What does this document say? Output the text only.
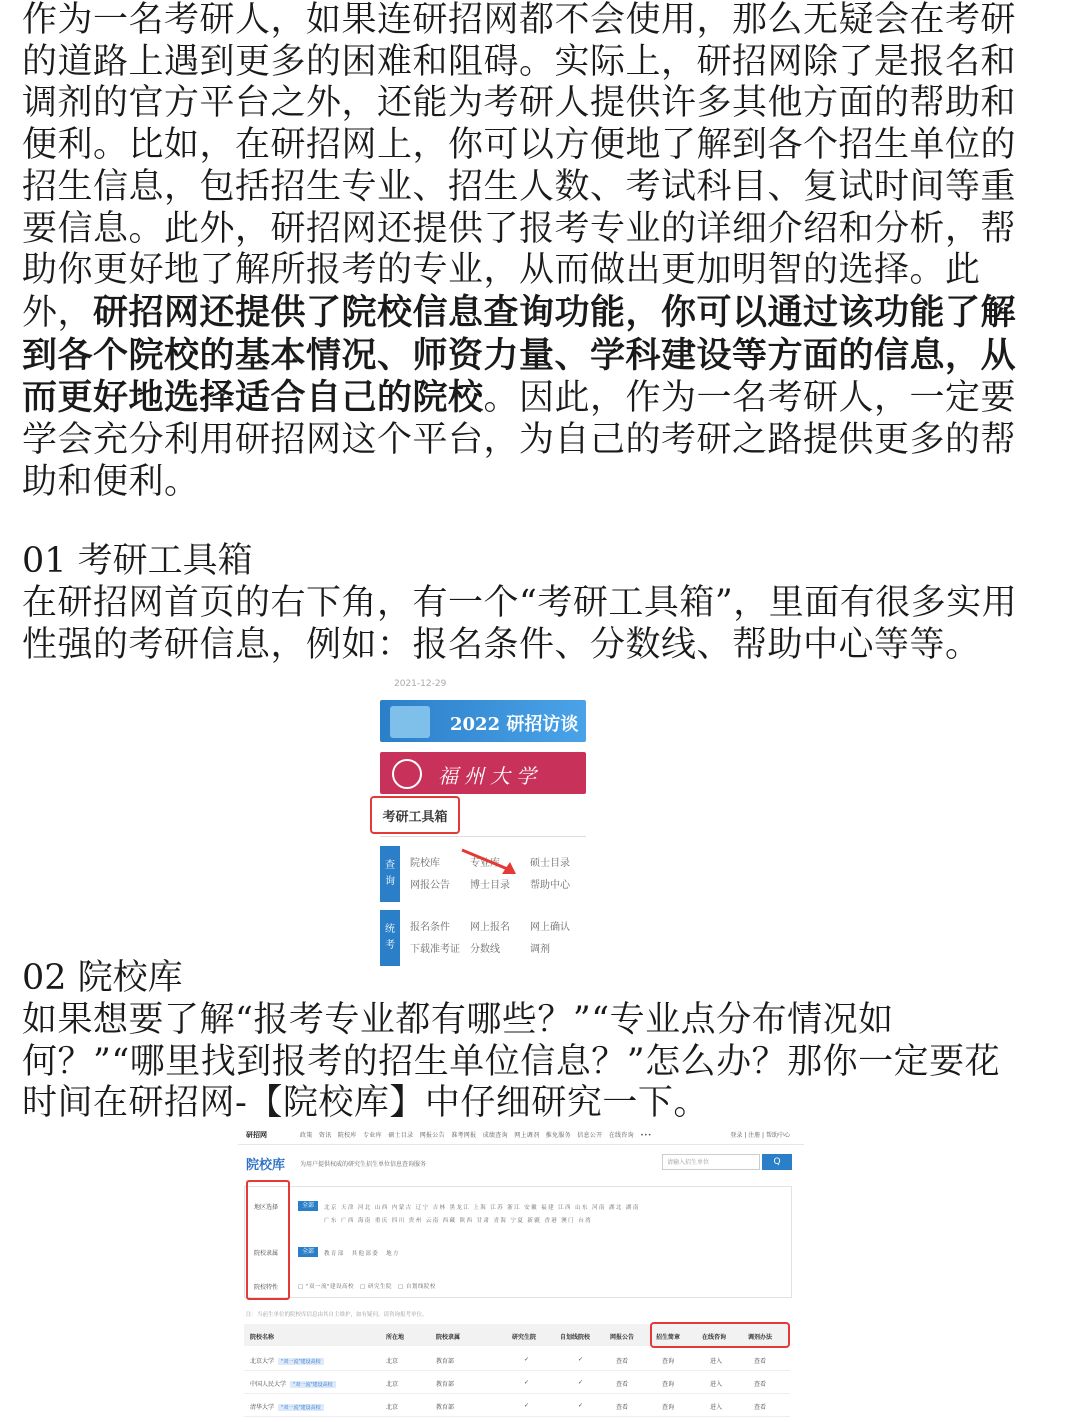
作为一名考研人，如果连研招网都不会使用，那么无疑会在考研的道路上遇到更多的困难和阻碍。实际上，研招网除了是报名和调剂的官方平台之外，还能为考研人提供许多其他方面的帮助和便利。比如，在研招网上，你可以方便地了解到各个招生单位的招生信息，包括招生专业、招生人数、考试科目、复试时间等重要信息。此外，研招网还提供了报考专业的详细介绍和分析，帮助你更好地了解所报考的专业，从而做出更加明智的选择。此外，研招网还提供了院校信息查询功能，你可以通过该功能了解到各个院校的基本情况、师资力量、学科建设等方面的信息，从而更好地选择适合自己的院校。因此，作为一名考研人，一定要学会充分利用研招网这个平台，为自己的考研之路提供更多的帮助和便利。

01 考研工具箱

在研招网首页的右下角，有一个“考研工具箱”，里面有很多实用性强的考研信息，例如：报名条件、分数线、帮助中心等等。

2021-12-29
2022 研招访谈
福州大学
考研工具箱
查
询
院校库	专业库	硕士目录
网报公告 博士目录 帮助中心
统
考
报名条件 网上报名 网上确认
下载准考证 分数线	调剂
02 院校库

如果想要了解“报考专业都有哪些？”“专业点分布情况如何？”“哪里找到报考的招生单位信息？”怎么办？那你一定要花时间在研招网-【院校库】中仔细研究一下。

研招网	政策　资讯　院校库　专业库　硕士目录　网报公告　准考网报　成绩查询　网上调剂　推免服务　信息公开　在线咨询　•••	登录 | 注册 | 帮助中心
院校库 为用户提供权威的研究生招生单位信息查询服务	请输入招生单位	Q
地区选择
院校隶属
院校特性
全部	北京 天津 河北 山西 内蒙古 辽宁 吉林 黑龙江 上海 江苏 浙江 安徽 福建 江西 山东 河南 湖北 湖南
广东 广西 海南 重庆 四川 贵州 云南 西藏 陕西 甘肃 青海 宁夏 新疆 香港 澳门 台湾
全部	教育部　其他部委　地方
□ "双一流"建设高校　□ 研究生院　□ 自划线院校
注：当前生单位的院校库信息由其自主维护，如有疑问，请咨询报考单位。
院校名称	所在地	院校隶属	研究生院	自划线院校	网报公告	招生简章	在线咨询	调剂办法
北京大学 "双一流"建设高校	北京	教育部	✓	✓	查看	查询	进入	查看
中国人民大学 "双一流"建设高校	北京	教育部	✓	✓	查看	查询	进入	查看
清华大学 "双一流"建设高校	北京	教育部	✓	✓	查看	查询	进入	查看
